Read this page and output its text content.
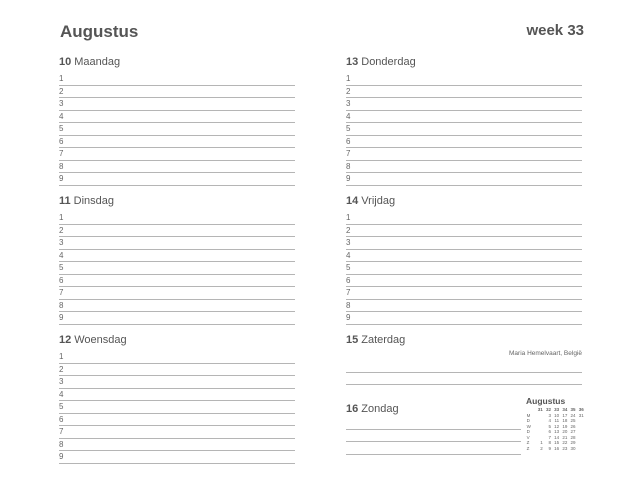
Augustus	week 33
10 Maandag
1
2
3
4
5
6
7
8
9
11 Dinsdag
1
2
3
4
5
6
7
8
9
12 Woensdag
1
2
3
4
5
6
7
8
9
13 Donderdag
1
2
3
4
5
6
7
8
9
14 Vrijdag
1
2
3
4
5
6
7
8
9
15 Zaterdag
Maria Hemelvaart, België
16 Zondag
Augustus
	31	32	33	34	35	36
M		3	10	17	24	31
D		4	11	18	25	
W		5	12	19	26	
D		6	13	20	27	
V		7	14	21	28	
Z	1	8	15	22	29	
Z	2	9	16	23	30	
